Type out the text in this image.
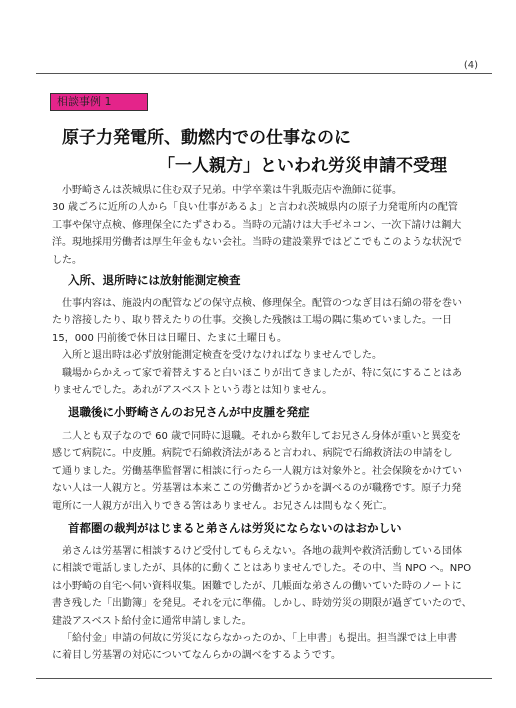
(4)
相談事例 1
原子力発電所、動燃内での仕事なのに
「一人親方」といわれ労災申請不受理
小野崎さんは茨城県に住む双子兄弟。中学卒業は牛乳販売店や漁師に従事。
30 歳ごろに近所の人から「良い仕事があるよ」と言われ茨城県内の原子力発電所内の配管
工事や保守点検、修理保全にたずさわる。当時の元請けは大手ゼネコン、一次下請けは鋼大
洋。現地採用労働者は厚生年金もない会社。当時の建設業界ではどこでもこのような状況で
した。
入所、退所時には放射能測定検査
仕事内容は、施設内の配管などの保守点検、修理保全。配管のつなぎ目は石綿の帯を巻い
たり溶接したり、取り替えたりの仕事。交換した残骸は工場の隅に集めていました。一日
15，000 円前後で休日は日曜日、たまに土曜日も。
入所と退出時は必ず放射能測定検査を受けなければなりませんでした。
職場からかえって家で着替えすると白いほこりが出てきましたが、特に気にすることはあ
りませんでした。あれがアスベストという毒とは知りません。
退職後に小野崎さんのお兄さんが中皮腫を発症
二人とも双子なので 60 歳で同時に退職。それから数年してお兄さん身体が重いと異変を
感じて病院に。中皮腫。病院で石綿救済法があると言われ、病院で石綿救済法の申請をし
て通りました。労働基準監督署に相談に行ったら一人親方は対象外と。社会保険をかけてい
ない人は一人親方と。労基署は本来ここの労働者かどうかを調べるのが職務です。原子力発
電所に一人親方が出入りできる筈はありません。お兄さんは間もなく死亡。
首都圏の裁判がはじまると弟さんは労災にならないのはおかしい
弟さんは労基署に相談するけど受付してもらえない。各地の裁判や救済活動している団体
に相談で電話しましたが、具体的に動くことはありませんでした。その中、当 NPO へ。NPO
は小野崎の自宅へ伺い資料収集。困難でしたが、几帳面な弟さんの働いていた時のノートに
書き残した「出勤簿」を発見。それを元に準備。しかし、時効労災の期限が過ぎていたので、
建設アスベスト給付金に通常申請しました。
「給付金」申請の何故に労災にならなかったのか、「上申書」も提出。担当課では上申書
に着目し労基署の対応についてなんらかの調べをするようです。
